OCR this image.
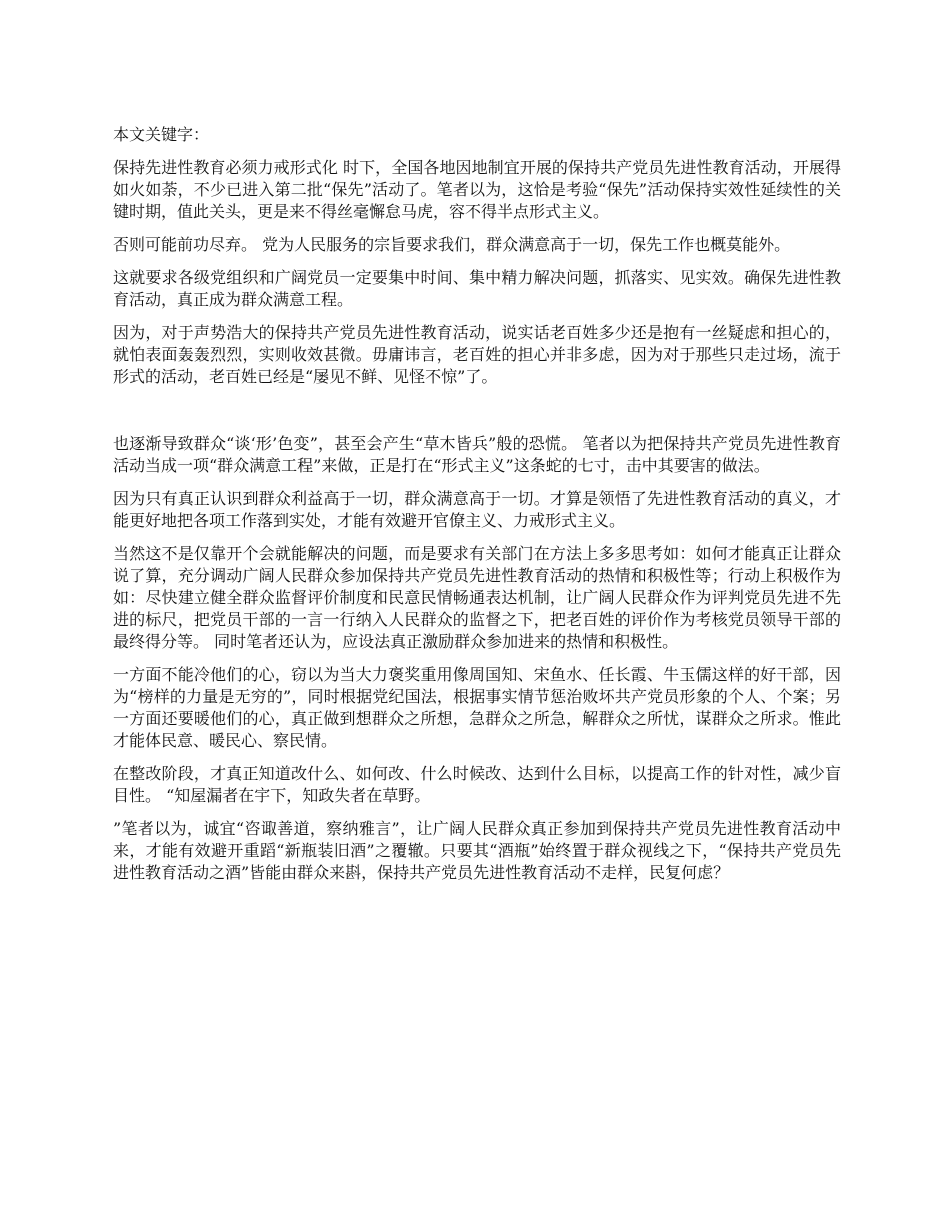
本文关键字：

保持先进性教育必须力戒形式化 时下，全国各地因地制宜开展的保持共产党员先进性教育活动，开展得如火如荼，不少已进入第二批“保先”活动了。笔者以为，这恰是考验“保先”活动保持实效性延续性的关键时期，值此关头，更是来不得丝毫懈怠马虎，容不得半点形式主义。

否则可能前功尽弃。 党为人民服务的宗旨要求我们，群众满意高于一切，保先工作也概莫能外。

这就要求各级党组织和广阔党员一定要集中时间、集中精力解决问题，抓落实、见实效。确保先进性教育活动，真正成为群众满意工程。

因为，对于声势浩大的保持共产党员先进性教育活动，说实话老百姓多少还是抱有一丝疑虑和担心的，就怕表面轰轰烈烈，实则收效甚微。毋庸讳言，老百姓的担心并非多虑，因为对于那些只走过场，流于形式的活动，老百姓已经是“屡见不鲜、见怪不惊”了。

也逐渐导致群众“谈‘形’色变”，甚至会产生“草木皆兵”般的恐慌。 笔者以为把保持共产党员先进性教育活动当成一项“群众满意工程”来做，正是打在“形式主义”这条蛇的七寸，击中其要害的做法。

因为只有真正认识到群众利益高于一切，群众满意高于一切。才算是领悟了先进性教育活动的真义，才能更好地把各项工作落到实处，才能有效避开官僚主义、力戒形式主义。

当然这不是仅靠开个会就能解决的问题，而是要求有关部门在方法上多多思考如：如何才能真正让群众说了算，充分调动广阔人民群众参加保持共产党员先进性教育活动的热情和积极性等；行动上积极作为如：尽快建立健全群众监督评价制度和民意民情畅通表达机制，让广阔人民群众作为评判党员先进不先进的标尺，把党员干部的一言一行纳入人民群众的监督之下，把老百姓的评价作为考核党员领导干部的最终得分等。 同时笔者还认为，应设法真正激励群众参加进来的热情和积极性。

一方面不能冷他们的心，窃以为当大力褒奖重用像周国知、宋鱼水、任长霞、牛玉儒这样的好干部，因为“榜样的力量是无穷的”，同时根据党纪国法，根据事实情节惩治败坏共产党员形象的个人、个案；另一方面还要暖他们的心，真正做到想群众之所想，急群众之所急，解群众之所忧，谋群众之所求。惟此才能体民意、暖民心、察民情。

在整改阶段，才真正知道改什么、如何改、什么时候改、达到什么目标，以提高工作的针对性，减少盲目性。 “知屋漏者在宇下，知政失者在草野。

”笔者以为，诚宜“咨诹善道，察纳雅言”，让广阔人民群众真正参加到保持共产党员先进性教育活动中来，才能有效避开重蹈“新瓶装旧酒”之覆辙。只要其“酒瓶”始终置于群众视线之下，“保持共产党员先进性教育活动之酒”皆能由群众来斟，保持共产党员先进性教育活动不走样，民复何虑？
